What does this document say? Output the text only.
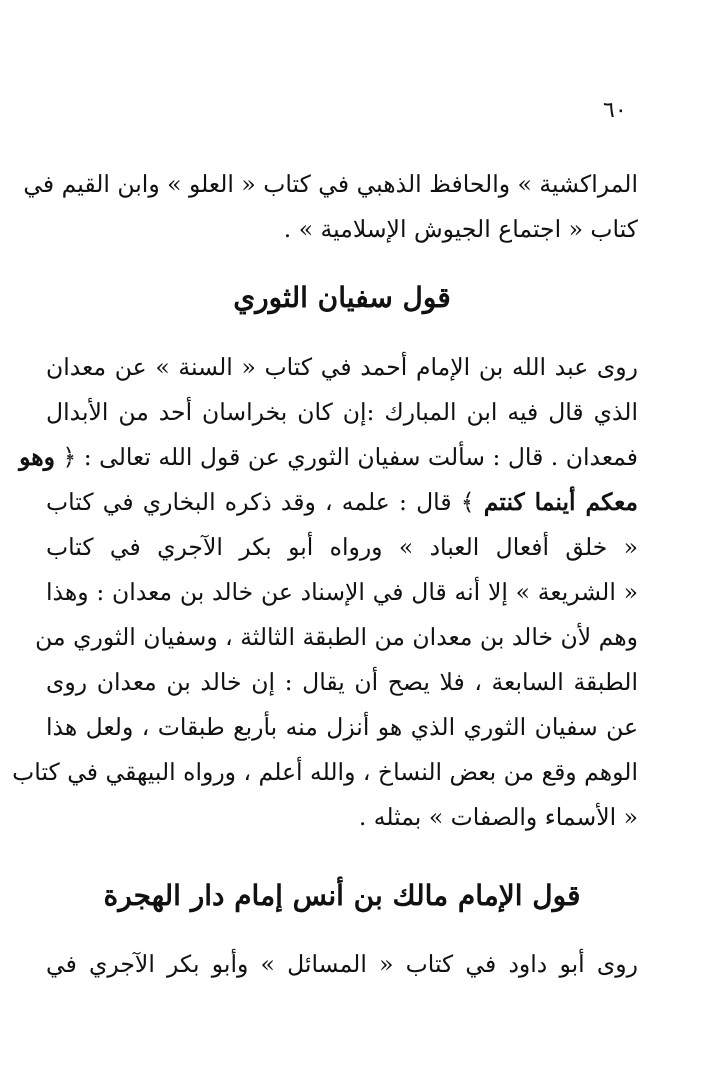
٦٠
المراكشية » والحافظ الذهبي في كتاب « العلو » وابن القيم في
كتاب « اجتماع الجيوش الإسلامية » .
قول سفيان الثوري
روى عبد الله بن الإمام أحمد في كتاب « السنة » عن معدان
الذي قال فيه ابن المبارك :إن كان بخراسان أحد من الأبدال
فمعدان . قال : سألت سفيان الثوري عن قول الله تعالى : ﴿ وهو
معكم أينما كنتم ﴾ قال : علمه ، وقد ذكره البخاري في كتاب
« خلق أفعال العباد » ورواه أبو بكر الآجري في كتاب
« الشريعة » إلا أنه قال في الإسناد عن خالد بن معدان : وهذا
وهم لأن خالد بن معدان من الطبقة الثالثة ، وسفيان الثوري من
الطبقة السابعة ، فلا يصح أن يقال : إن خالد بن معدان روى
عن سفيان الثوري الذي هو أنزل منه بأربع طبقات ، ولعل هذا
الوهم وقع من بعض النساخ ، والله أعلم ، ورواه البيهقي في كتاب
« الأسماء والصفات » بمثله .
قول الإمام مالك بن أنس إمام دار الهجرة
روى أبو داود في كتاب « المسائل » وأبو بكر الآجري في
